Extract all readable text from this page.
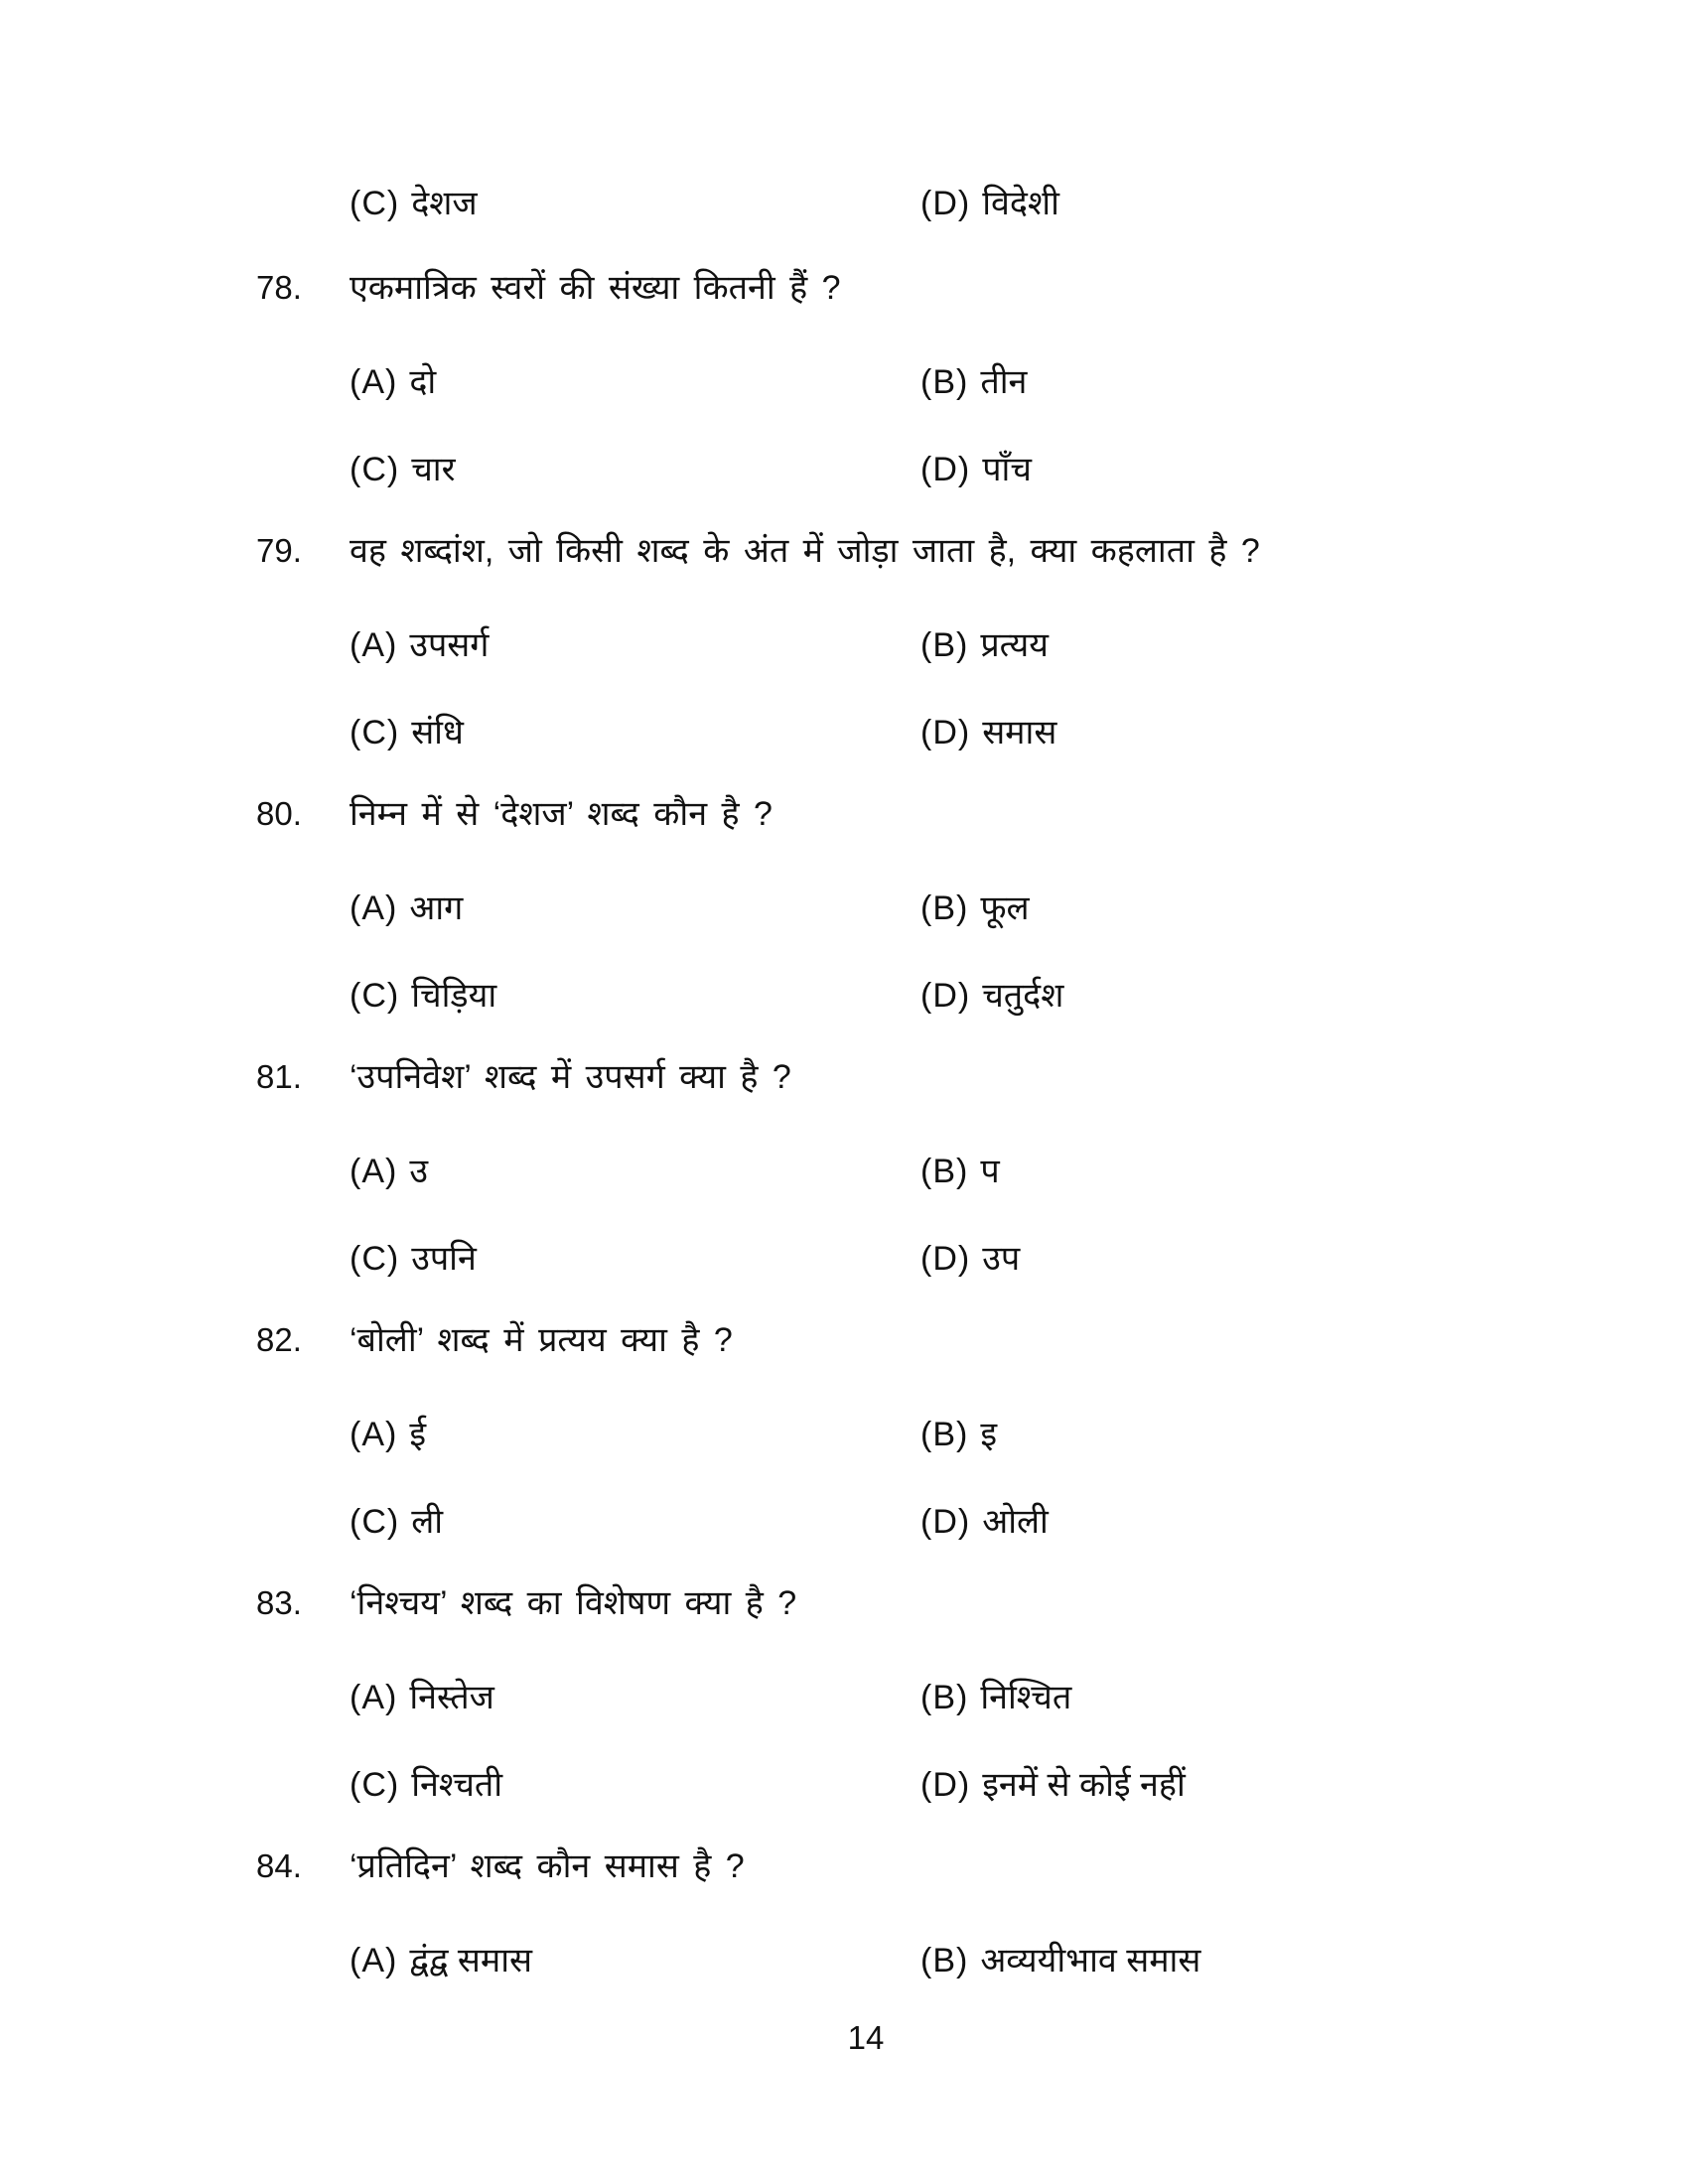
(C) देशज	(D) विदेशी
78.	एकमात्रिक स्वरों की संख्या कितनी हैं ?
(A) दो	(B) तीन
(C) चार	(D) पाँच
79.	वह शब्दांश, जो किसी शब्द के अंत में जोड़ा जाता है, क्या कहलाता है ?
(A) उपसर्ग	(B) प्रत्यय
(C) संधि	(D) समास
80.	निम्न में से ‘देशज’ शब्द कौन है ?
(A) आग	(B) फूल
(C) चिड़िया	(D) चतुर्दश
81.	‘उपनिवेश’ शब्द में उपसर्ग क्या है ?
(A) उ	(B) प
(C) उपनि	(D) उप
82.	‘बोली’ शब्द में प्रत्यय क्या है ?
(A) ई	(B) इ
(C) ली	(D) ओली
83.	‘निश्चय’ शब्द का विशेषण क्या है ?
(A) निस्तेज	(B) निश्चित
(C) निश्चती	(D) इनमें से कोई नहीं
84.	‘प्रतिदिन’ शब्द कौन समास है ?
(A) द्वंद्व समास	(B) अव्ययीभाव समास
14
